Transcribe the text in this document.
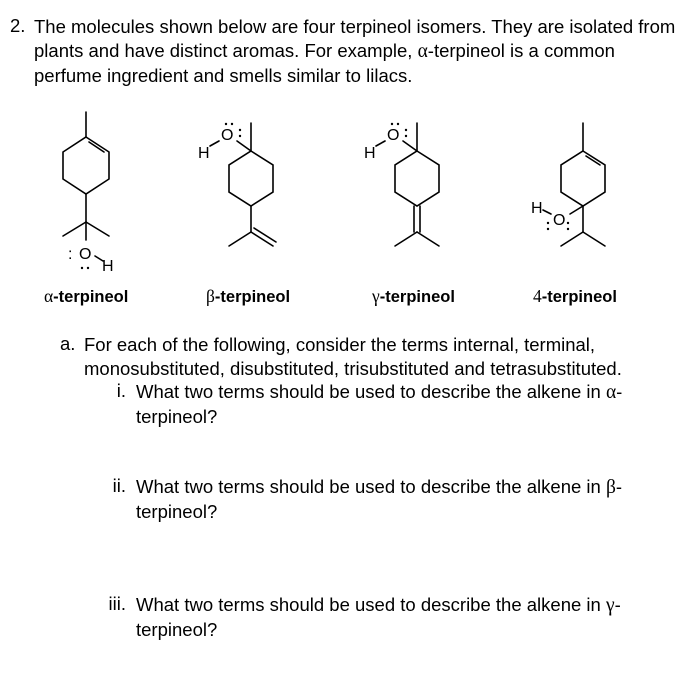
2. The molecules shown below are four terpineol isomers. They are isolated from plants and have distinct aromas. For example, α-terpineol is a common perfume ingredient and smells similar to lilacs.

: O
H
O
H
O
H
H
O
α-terpineol	β-terpineol	γ-terpineol	4-terpineol
a. For each of the following, consider the terms internal, terminal, monosubstituted, disubstituted, trisubstituted and tetrasubstituted.

i. What two terms should be used to describe the alkene in α-terpineol?

ii. What two terms should be used to describe the alkene in β-terpineol?

iii. What two terms should be used to describe the alkene in γ-terpineol?
